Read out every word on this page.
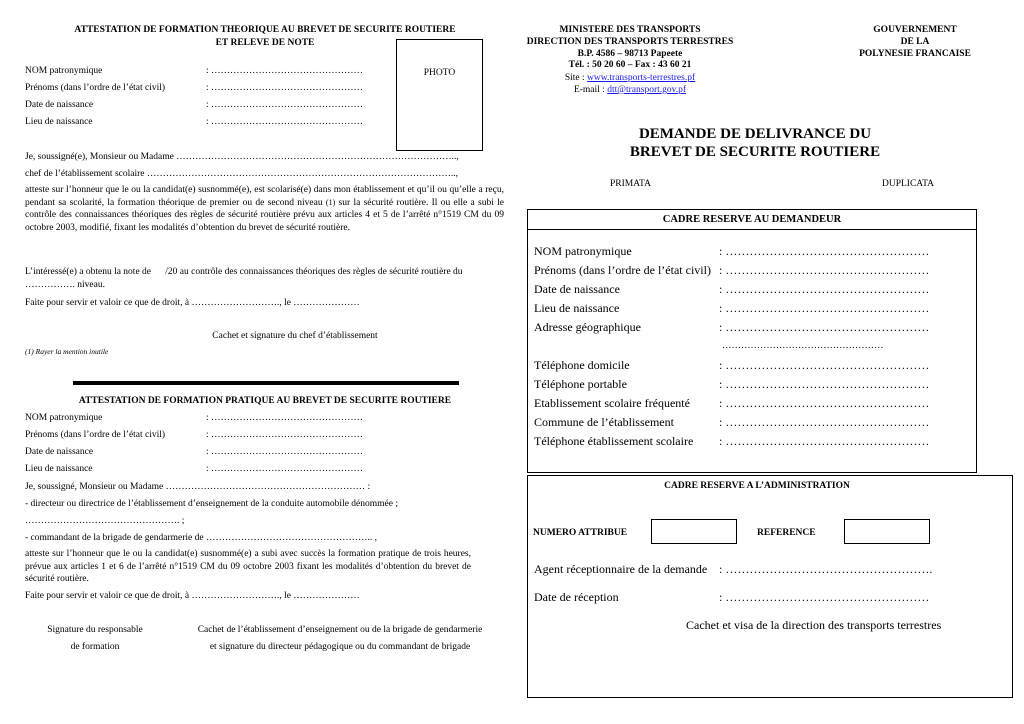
ATTESTATION DE FORMATION THEORIQUE AU BREVET DE SECURITE ROUTIERE
ET RELEVE DE NOTE
PHOTO
NOM patronymique	: …………………………………………
Prénoms (dans l’ordre de l’état civil)	: …………………………………………
Date de naissance	: …………………………………………
Lieu de naissance	: …………………………………………
Je, soussigné(e), Monsieur ou Madame ……………………………………………………………………………..,
chef de l’établissement scolaire ……………………………………………………………………………………..,
atteste sur l’honneur que le ou la candidat(e) susnommé(e), est scolarisé(e) dans mon établissement et qu’il ou qu’elle a reçu, pendant sa scolarité, la formation théorique de premier ou de second niveau (1) sur la sécurité routière. Il ou elle a subi le contrôle des connaissances théoriques des règles de sécurité routière prévu aux articles 4 et 5 de l’arrêté n°1519 CM du 09 octobre 2003, modifié, fixant les modalités d’obtention du brevet de sécurité routière.
L’intéressé(e) a obtenu la note de      /20 au contrôle des connaissances théoriques des règles de sécurité routière du ……………. niveau.
Faite pour servir et valoir ce que de droit, à ………………………., le …………………
Cachet et signature du chef d’établissement
(1) Rayer la mention inutile
ATTESTATION DE FORMATION PRATIQUE AU BREVET DE SECURITE ROUTIERE
NOM patronymique	: …………………………………………
Prénoms (dans l’ordre de l’état civil)	: …………………………………………
Date de naissance	: …………………………………………
Lieu de naissance	: …………………………………………
Je, soussigné, Monsieur ou Madame ……………………………………………………… :
- directeur ou directrice de l’établissement d’enseignement de la conduite automobile dénommée ;
…………………………………………. ;
- commandant de la brigade de gendarmerie de …………………………………………….. ,
atteste sur l’honneur que le ou la candidat(e) susnommé(e) a subi avec succès la formation pratique de trois heures, prévue aux articles 1 et 6 de l’arrêté n°1519 CM du 09 octobre 2003 fixant les modalités d’obtention du brevet de sécurité routière.
Faite pour servir et valoir ce que de droit, à ………………………., le …………………
Signature du responsable
de formation
Cachet de l’établissement d’enseignement ou de la brigade de gendarmerie
et signature du directeur pédagogique ou du commandant de brigade
MINISTERE DES TRANSPORTS
DIRECTION DES TRANSPORTS TERRESTRES
B.P. 4586 – 98713 Papeete
Tél. : 50 20 60 – Fax : 43 60 21
Site : www.transports-terrestres.pf
E-mail : dtt@transport.gov.pf
GOUVERNEMENT
DE LA
POLYNESIE FRANCAISE
DEMANDE DE DELIVRANCE DU
BREVET DE SECURITE ROUTIERE
PRIMATA	DUPLICATA
CADRE RESERVE AU DEMANDEUR
NOM patronymique	: ……………………………………………
Prénoms (dans l’ordre de l’état civil) : ……………………………………………
Date de naissance	: ……………………………………………
Lieu de naissance	: ……………………………………………
Adresse géographique	: ……………………………………………
……………………………………………
Téléphone domicile	: ……………………………………………
Téléphone portable	: ……………………………………………
Etablissement scolaire fréquenté : ……………………………………………
Commune de l’établissement	: ……………………………………………
Téléphone établissement scolaire : ……………………………………………
CADRE RESERVE A L’ADMINISTRATION
NUMERO ATTRIBUE	REFERENCE
Agent réceptionnaire de la demande : …………………………………………….
Date de réception	: ……………………………………………
Cachet et visa de la direction des transports terrestres
